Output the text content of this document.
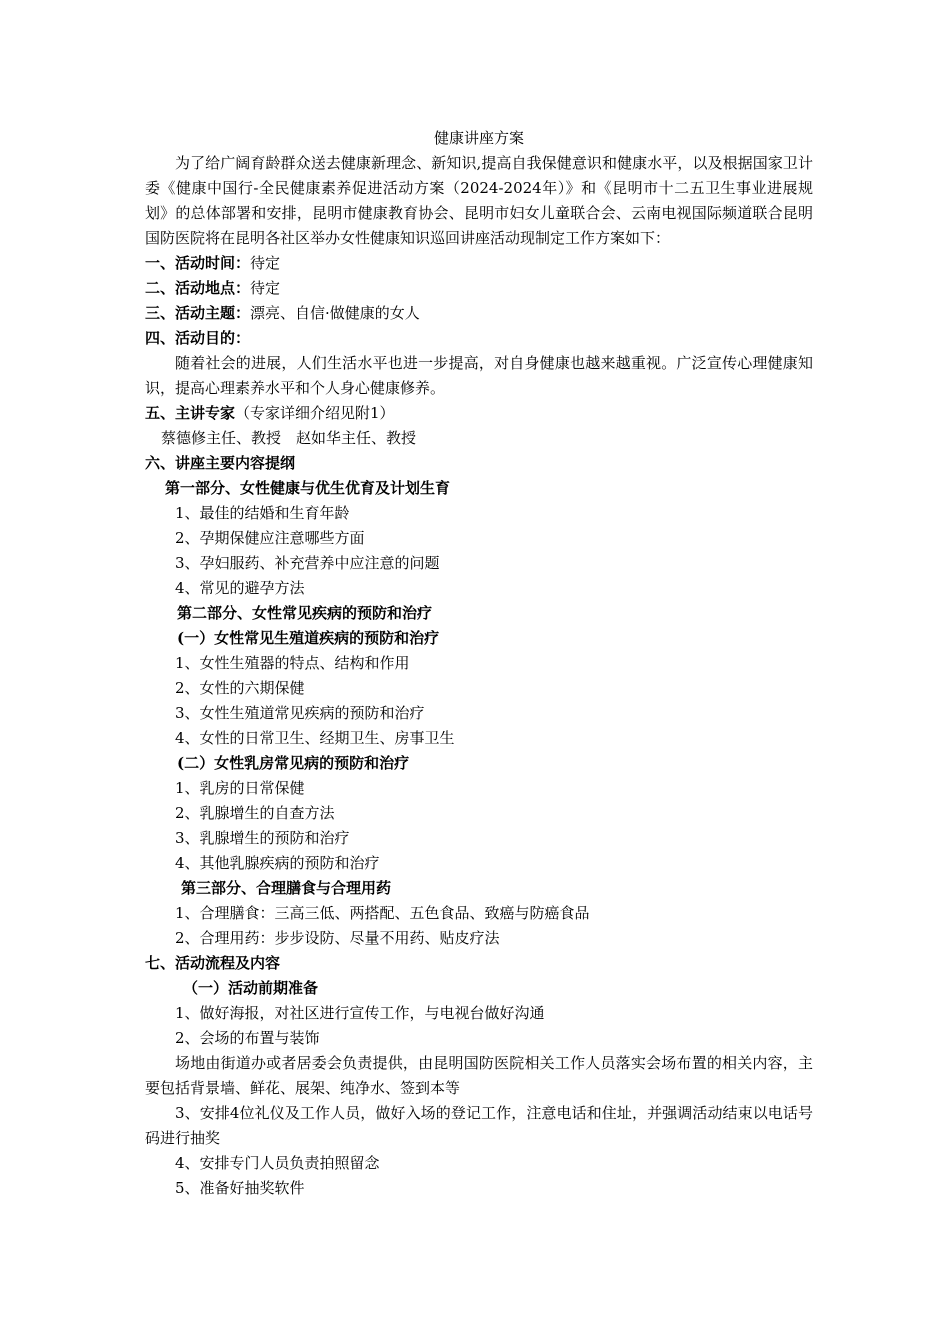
健康讲座方案
为了给广阔育龄群众送去健康新理念、新知识,提高自我保健意识和健康水平，以及根据国家卫计委《健康中国行-全民健康素养促进活动方案（2024-2024年）》和《昆明市十二五卫生事业进展规划》的总体部署和安排，昆明市健康教育协会、昆明市妇女儿童联合会、云南电视国际频道联合昆明国防医院将在昆明各社区举办女性健康知识巡回讲座活动现制定工作方案如下：
一、活动时间：待定
二、活动地点：待定
三、活动主题：漂亮、自信·做健康的女人
四、活动目的：
随着社会的进展，人们生活水平也进一步提高，对自身健康也越来越重视。广泛宣传心理健康知识，提高心理素养水平和个人身心健康修养。
五、主讲专家（专家详细介绍见附1）
蔡德修主任、教授　赵如华主任、教授
六、讲座主要内容提纲
第一部分、女性健康与优生优育及计划生育
1、最佳的结婚和生育年龄
2、孕期保健应注意哪些方面
3、孕妇服药、补充营养中应注意的问题
4、常见的避孕方法
第二部分、女性常见疾病的预防和治疗
(一）女性常见生殖道疾病的预防和治疗
1、女性生殖器的特点、结构和作用
2、女性的六期保健
3、女性生殖道常见疾病的预防和治疗
4、女性的日常卫生、经期卫生、房事卫生
(二）女性乳房常见病的预防和治疗
1、乳房的日常保健
2、乳腺增生的自查方法
3、乳腺增生的预防和治疗
4、其他乳腺疾病的预防和治疗
第三部分、合理膳食与合理用药
1、合理膳食：三高三低、两搭配、五色食品、致癌与防癌食品
2、合理用药：步步设防、尽量不用药、贴皮疗法
七、活动流程及内容
（一）活动前期准备
1、做好海报，对社区进行宣传工作，与电视台做好沟通
2、会场的布置与装饰
场地由街道办或者居委会负责提供，由昆明国防医院相关工作人员落实会场布置的相关内容，主要包括背景墙、鲜花、展架、纯净水、签到本等
3、安排4位礼仪及工作人员，做好入场的登记工作，注意电话和住址，并强调活动结束以电话号码进行抽奖
4、安排专门人员负责拍照留念
5、准备好抽奖软件
